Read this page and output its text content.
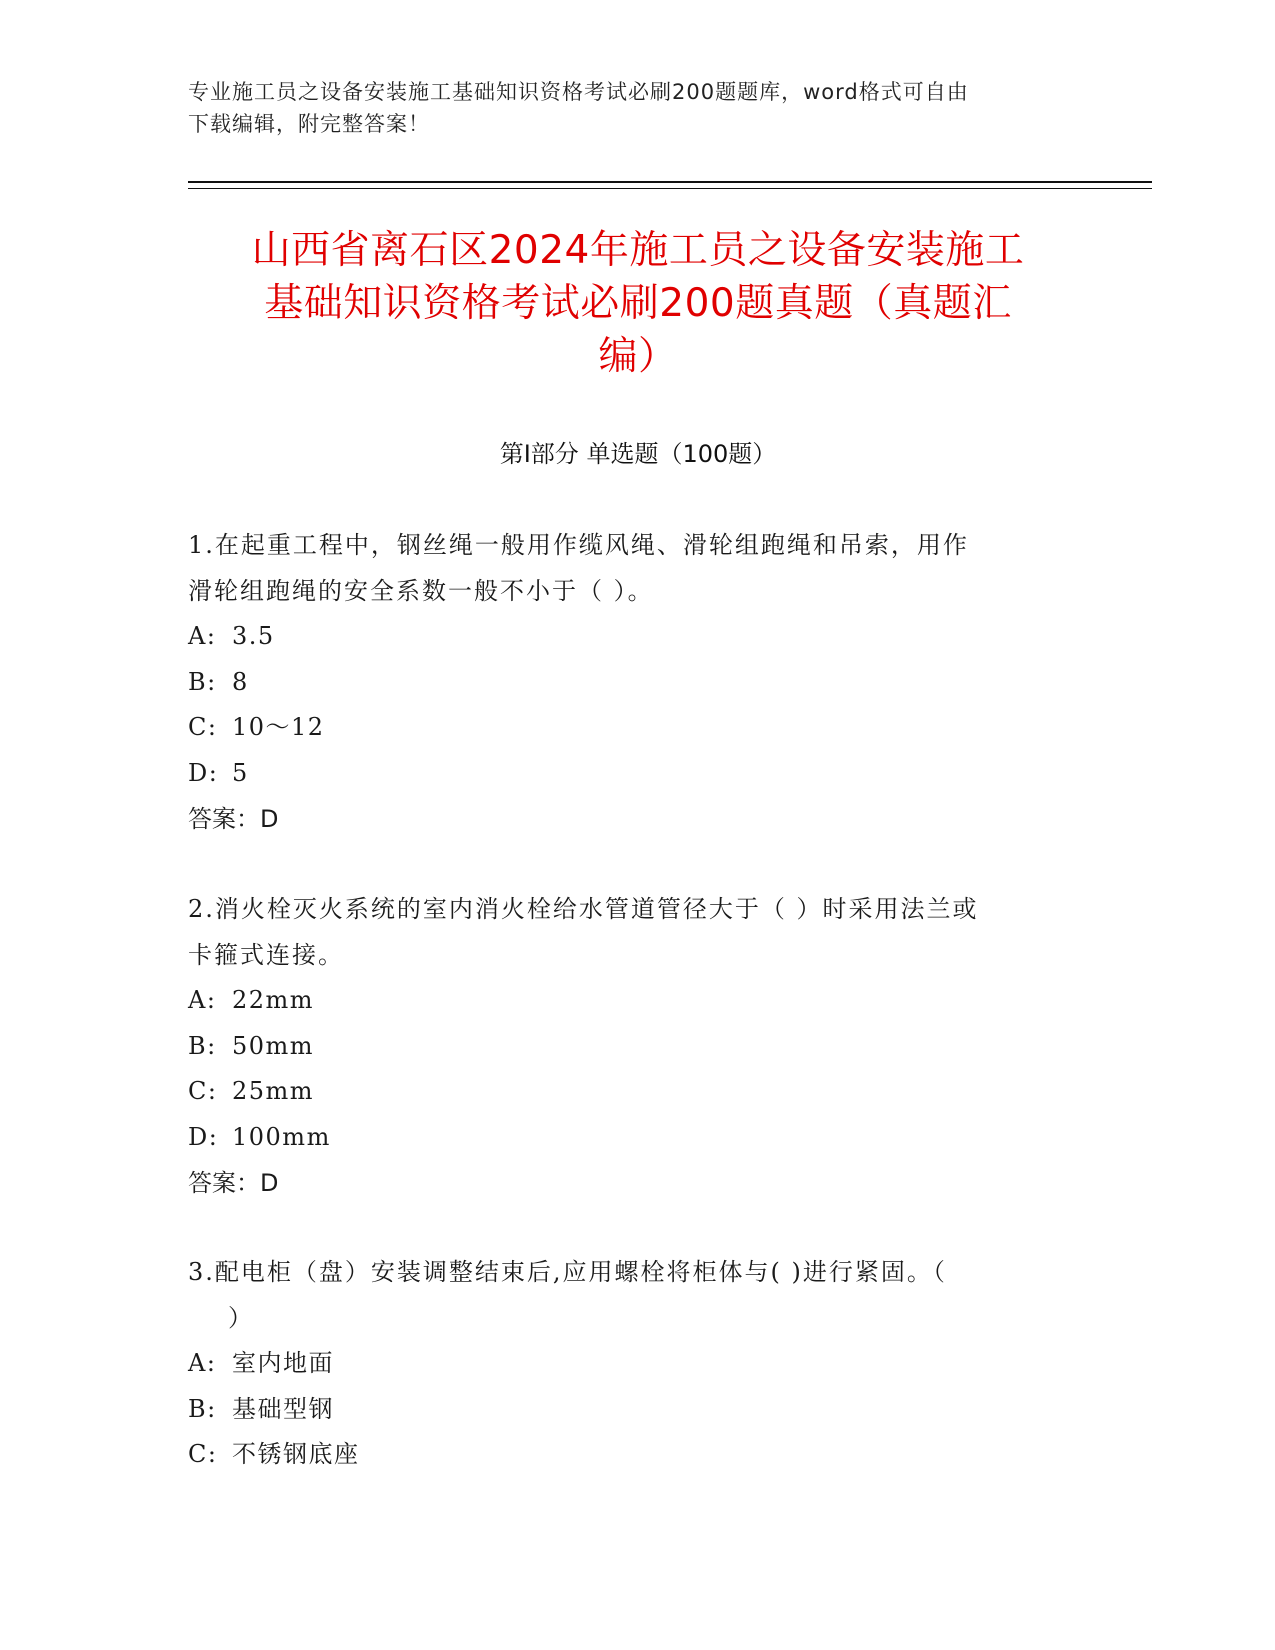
专业施工员之设备安装施工基础知识资格考试必刷200题题库，word格式可自由
下载编辑，附完整答案！
山西省离石区2024年施工员之设备安装施工
基础知识资格考试必刷200题真题（真题汇
编）
第Ⅰ部分 单选题（100题）

1.在起重工程中，钢丝绳一般用作缆风绳、滑轮组跑绳和吊索，用作
滑轮组跑绳的安全系数一般不小于（ ）。

A: 3.5

B: 8

C: 10～12

D: 5

答案：D

2.消火栓灭火系统的室内消火栓给水管道管径大于（ ）时采用法兰或
卡箍式连接。

A: 22mm

B: 50mm

C: 25mm

D: 100mm

答案：D

3.配电柜（盘）安装调整结束后,应用螺栓将柜体与( )进行紧固。（
）

A: 室内地面

B: 基础型钢

C: 不锈钢底座
